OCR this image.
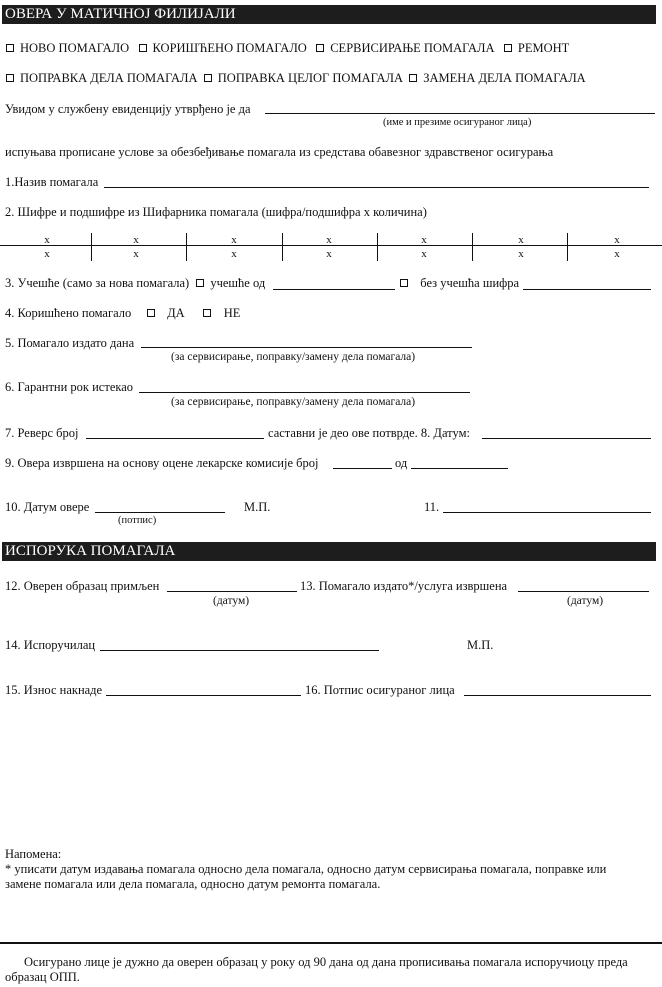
ОВЕРА У МАТИЧНОЈ ФИЛИЈАЛИ
НОВО ПОМАГАЛО КОРИШЋЕНО ПОМАГАЛО СЕРВИСИРАЊЕ ПОМАГАЛА РЕМОНТ
ПОПРАВКА ДЕЛА ПОМАГАЛА ПОПРАВКА ЦЕЛОГ ПОМАГАЛА ЗАМЕНА ДЕЛА ПОМАГАЛА
Увидом у службену евиденцију утврђено је да
(име и презиме осигураног лица)
испуњава прописане услове за обезбеђивање помагала из средстава обавезног здравственог осигурања
1.Назив помагала
2. Шифре и подшифре из Шифарника помагала (шифра/подшифра х количина)
x	x	x	x	x	x	x
x	x	x	x	x	x	x
3. Учешће (само за нова помагала) учешће од	без учешћа шифра
4. Коришћено помагало	ДА	НЕ
5. Помагало издато дана
(за сервисирање, поправку/замену дела помагала)
6. Гарантни рок истекао
(за сервисирање, поправку/замену дела помагала)
7. Реверс број	саставни је део ове потврде. 8. Датум:
9. Овера извршена на основу оцене лекарске комисије број	од
10. Датум овере
(потпис)
М.П.	11.
ИСПОРУКА ПОМАГАЛА
12. Оверен образац примљен
(датум)
13. Помагало издато*/услуга извршена
(датум)
14. Испоручилац	М.П.
15. Износ накнаде	16. Потпис осигураног лица
Напомена:
* уписати датум издавања помагала односно дела помагала, односно датум сервисирања помагала, поправке или
замене помагала или дела помагала, односно датум ремонта помагала.
Осигурано лице је дужно да оверен образац у року од 90 дана од дана прописивања помагала испоручиоцу преда
образац ОПП.
